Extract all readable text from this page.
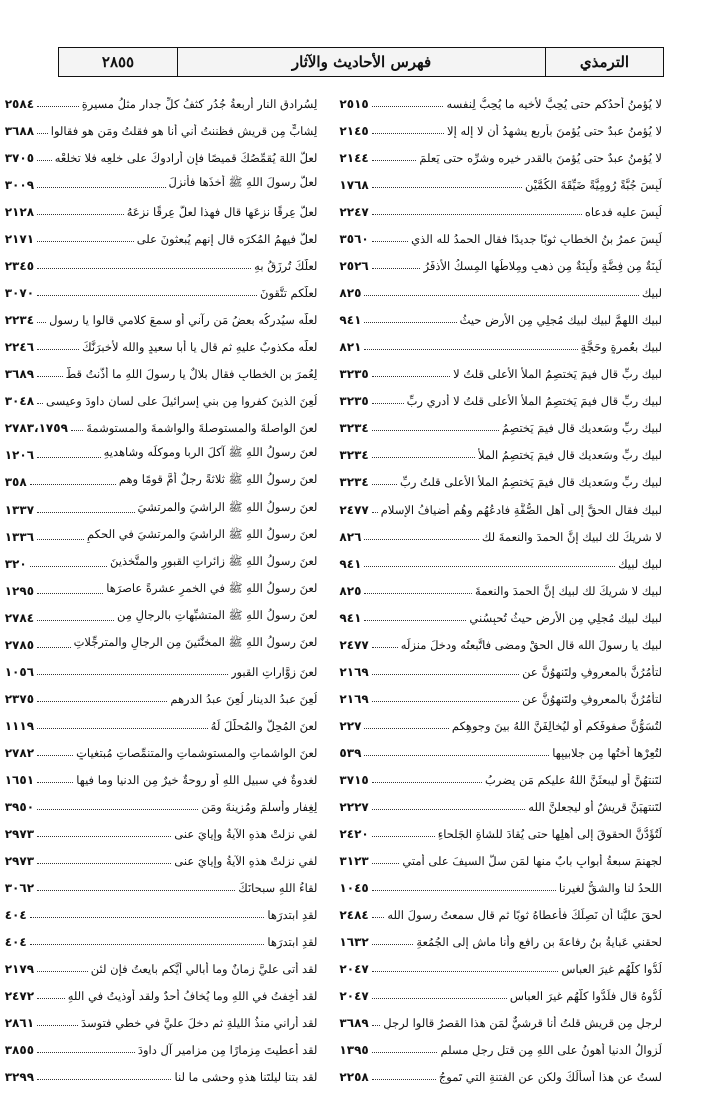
الترمذي
فهرس الأحاديث والآثار
٢٨٥٥
لا يُؤمنُ أحدُكم حتى يُحِبَّ لأخيه ما يُحِبُّ لِنفسه
٢٥١٥
لا يُؤمنُ عبدٌ حتى يُؤمنَ بأربعٍ يشهدُ أن لا إله إلا
٢١٤٥
لا يُؤمنُ عبدٌ حتى يُؤمنَ بالقدرِ خيرِه وشرِّه حتى يَعلمَ
٢١٤٤
لَبِسَ جُبَّةً رُومِيَّةً ضَيِّقَةَ الكُمَّيْنِ
١٧٦٨
لُبِسَ عليه فدعاه
٢٢٤٧
لَبِسَ عمرُ بنُ الخطابِ ثوبًا جديدًا فقال الحمدُ لله الذي
٣٥٦٠
لَبِنَةٌ مِن فِضَّةٍ ولَبِنَةٌ مِن ذهبٍ ومِلاطُها المِسكُ الأذفَرُ
٢٥٢٦
لبيك
٨٢٥
لبيك اللهمَّ لبيك لبيك مُجلِي مِن الأرضِ حيثُ
٩٤١
لبيك بعُمرةٍ وحَجَّةٍ
٨٢١
لبيك ربِّ قال فيمَ يَختصِمُ الملأُ الأعلى قلتُ لا
٣٢٣٥
لبيك ربِّ قال فيمَ يَختصِمُ الملأُ الأعلى قلتُ لا أدري ربِّ
٣٢٣٥
لبيك ربِّ وسَعديك قال فيمَ يَختصِمُ
٣٢٣٤
لبيك ربِّ وسَعديك قال فيمَ يَختصِمُ الملأُ
٣٢٣٤
لبيك ربِّ وسَعديك قال فيمَ يَختصِمُ الملأُ الأعلى قلتُ ربِّ
٣٢٣٤
لبيك فقال الحقَّ إلى أهلِ الصُّفَّةِ فادعُهُم وهُم أضيافُ الإسلامِ
٢٤٧٧
لا شريكَ لك لبيك إنَّ الحمدَ والنعمةَ لك
٨٢٦
لبيك لبيك
٩٤١
لبيك لا شريكَ لك لبيك إنَّ الحمدَ والنعمةَ
٨٢٥
لبيك لبيك مُجلِي مِن الأرضِ حيثُ تُحبِسُني
٩٤١
لبيك يا رسولَ الله قال الحقْ ومضى فاتَّبعتُه ودخلَ منزلَه
٢٤٧٧
لتأمُرُنَّ بالمعروفِ ولتَنهوُنَّ عن
٢١٦٩
لتأمُرُنَّ بالمعروفِ ولتَنهوُنَّ عن
٢١٦٩
لتُسَوُّنَّ صفوفَكم أو ليُخالِفَنَّ اللهُ بينَ وجوهِكم
٢٢٧
لتُعِرْها أختُها مِن جلابيبِها
٥٣٩
لتَنتهُنَّ أو ليبعثَنَّ اللهُ عليكم مَن يضرِبُ
٣٧١٥
لتَنتهيَنَّ قريشٌ أو ليجعلنَّ الله
٢٢٢٧
لَتُؤَدُّنَّ الحقوقَ إلى أهلِها حتى يُقادَ للشاةِ الجَلحاءِ
٢٤٢٠
لجهنمَ سبعةُ أبوابٍ بابٌ منها لمَن سلَّ السيفَ على أمتي
٣١٢٣
اللحدُ لنا والشقُّ لغيرِنا
١٠٤٥
لحقَ عليَّنا أن نَصِلَكَ فأعطاهُ ثوبًا ثم قال سمعتُ رسولَ الله
٢٤٨٤
لحقني عَبايةُ بنُ رفاعةَ بنِ رافعٍ وأنا ماشٍ إلى الجُمُعةِ
١٦٣٢
لُدُّوا كلُّهُم غيرَ العباسِ
٢٠٤٧
لُدُّوهُ قال فلَدُّوا كلُّهُم غيرَ العباسِ
٢٠٤٧
لرجلٍ مِن قريشٍ قلتُ أنا قرشيٌّ لمَن هذا القصرُ قالوا لرجلٍ
٣٦٨٩
لَزوالُ الدنيا أهونُ على اللهِ مِن قتلِ رجلٍ مسلمٍ
١٣٩٥
لستُ عن هذا أسألُكَ ولكنِ عنِ الفتنةِ التي تَموجُ
٢٢٥٨
لِسُرادقِ النارِ أربعةُ جُدُرٍ كثفُ كلِّ جدارٍ مثلُ مسيرةِ
٢٥٨٤
لِشابٍّ مِن قريشٍ فظننتُ أني أنا هو فقلتُ ومَن هو فقالوا
٣٦٨٨
لعلَّ اللهَ يُقمِّصُكَ قميصًا فإن أرادوكَ على خلعِه فلا تخلعْه
٣٧٠٥
لعلَّ رسولَ اللهِ ﷺ أخذَها فأنزلَ
٣٠٠٩
لعلَّ عِرقًا نزعَها قال فهذا لعلَّ عِرقًا نزعَهُ
٢١٢٨
لعلَّ فيهِمُ المُكرَه قال إنهم يُبعثونَ على
٢١٧١
لعلَّكَ تُرزَقُ بهِ
٢٣٤٥
لعلَّكم تتَّقونَ
٣٠٧٠
لعلَّه سيُدركُه بعضُ مَن رآني أو سمعَ كلامي قالوا يا رسول
٢٢٣٤
لعلَّه مكذوبٌ عليهِ ثم قال يا أبا سعيدٍ والله لأُخبرَنَّكَ
٢٢٤٦
لِعُمرَ بنِ الخطابِ فقال بلالٌ يا رسولَ اللهِ ما أذَّنتُ قطُّ
٣٦٨٩
لُعِنَ الذينَ كفروا مِن بني إسرائيلَ على لسانِ داودَ وعيسى
٣٠٤٨
لعنَ الواصلةَ والمستوصلةَ والواشمةَ والمستوشمةَ
٢٧٨٣،١٧٥٩
لعنَ رسولُ اللهِ ﷺ آكلَ الربا وموكلَه وشاهديهِ
١٢٠٦
لعنَ رسولُ اللهِ ﷺ ثلاثةً رجلٌ أمَّ قومًا وهم
٣٥٨
لعنَ رسولُ اللهِ ﷺ الراشيَ والمرتشيَ
١٣٣٧
لعنَ رسولُ اللهِ ﷺ الراشيَ والمرتشيَ في الحكمِ
١٣٣٦
لعنَ رسولُ اللهِ ﷺ زائراتِ القبورِ والمتَّخذينَ
٣٢٠
لعنَ رسولُ اللهِ ﷺ في الخمرِ عشرةً عاصرَها
١٢٩٥
لعنَ رسولُ اللهِ ﷺ المتشبِّهاتِ بالرجالِ مِن
٢٧٨٤
لعنَ رسولُ اللهِ ﷺ المخنَّثينَ مِن الرجالِ والمترجِّلاتِ
٢٧٨٥
لعنَ زوَّاراتِ القبورِ
١٠٥٦
لُعِنَ عبدُ الدينارِ لُعِنَ عبدُ الدرهمِ
٢٣٧٥
لعنَ المُحِلَّ والمُحلَّلَ لَهُ
١١١٩
لعنَ الواشماتِ والمستوشماتِ والمتنمِّصاتِ مُبتغياتٍ
٢٧٨٢
لغدوةٌ في سبيلِ اللهِ أو روحةٌ خيرٌ مِن الدنيا وما فيها
١٦٥١
لِغِفارٍ وأسلمَ ومُزينةَ ومَن
٣٩٥٠
لفي نزلتْ هذهِ الآيةُ وإيايَ عنى
٢٩٧٣
لفي نزلتْ هذهِ الآيةُ وإيايَ عنى
٢٩٧٣
لقاءُ اللهِ سبحانَكَ
٣٠٦٢
لقدِ ابتدرَها
٤٠٤
لقدِ ابتدرَها
٤٠٤
لقد أتى عليَّ زمانٌ وما أُبالي أيَّكم بايعتُ فإن لئن
٢١٧٩
لقد أُخِفتُ في اللهِ وما يُخافُ أحدٌ ولقد أوذيتُ في اللهِ
٢٤٧٢
لقد أراني منذُ الليلةِ ثم دخلَ عليَّ في خطي فتوسدَ
٢٨٦١
لقد أُعطيتَ مِزمارًا مِن مزاميرِ آلِ داودَ
٣٨٥٥
لقد بتنا ليلتَنا هذهِ وحشى ما لنا
٣٢٩٩
